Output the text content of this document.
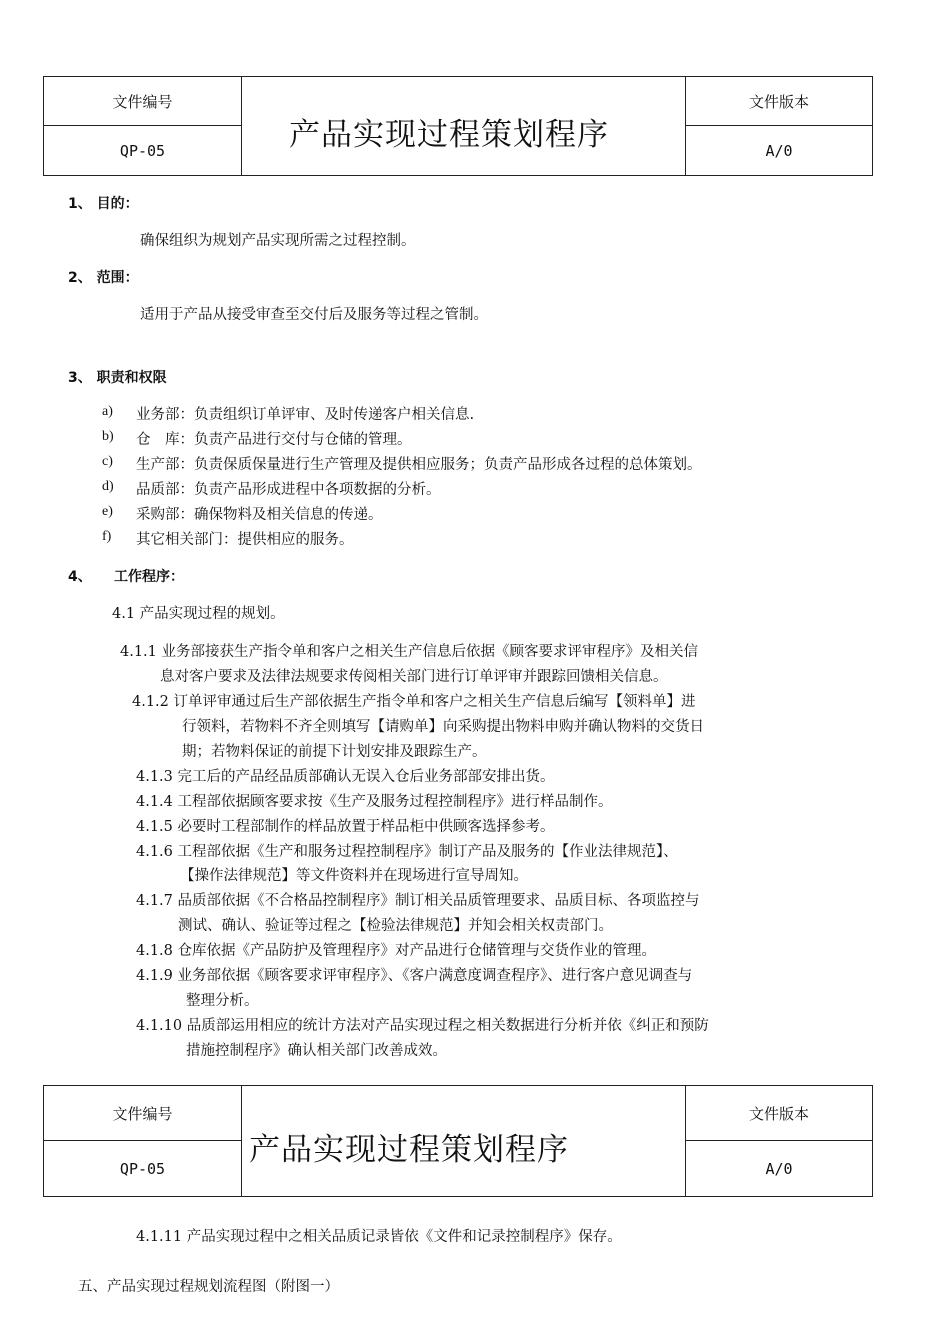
文件编号
QP-05	产品实现过程策划程序
文件版本
A/0
1、 目的：
确保组织为规划产品实现所需之过程控制。
2、 范围：
适用于产品从接受审查至交付后及服务等过程之管制。
3、 职责和权限
a) 业务部：负责组织订单评审、及时传递客户相关信息.
b) 仓　库：负责产品进行交付与仓储的管理。
c) 生产部：负责保质保量进行生产管理及提供相应服务；负责产品形成各过程的总体策划。
d) 品质部：负责产品形成进程中各项数据的分析。
e) 采购部：确保物料及相关信息的传递。
f) 其它相关部门：提供相应的服务。
4、 工作程序：
4.1 产品实现过程的规划。
4.1.1 业务部接获生产指令单和客户之相关生产信息后依据《顾客要求评审程序》及相关信
息对客户要求及法律法规要求传阅相关部门进行订单评审并跟踪回馈相关信息。
4.1.2 订单评审通过后生产部依据生产指令单和客户之相关生产信息后编写【领料单】进
行领料，若物料不齐全则填写【请购单】向采购提出物料申购并确认物料的交货日
期；若物料保证的前提下计划安排及跟踪生产。
4.1.3 完工后的产品经品质部确认无误入仓后业务部部安排出货。
4.1.4 工程部依据顾客要求按《生产及服务过程控制程序》进行样品制作。
4.1.5 必要时工程部制作的样品放置于样品柜中供顾客选择参考。
4.1.6 工程部依据《生产和服务过程控制程序》制订产品及服务的【作业法律规范】、
【操作法律规范】等文件资料并在现场进行宣导周知。
4.1.7 品质部依据《不合格品控制程序》制订相关品质管理要求、品质目标、各项监控与
测试、确认、验证等过程之【检验法律规范】并知会相关权责部门。
4.1.8 仓库依据《产品防护及管理程序》对产品进行仓储管理与交货作业的管理。
4.1.9 业务部依据《顾客要求评审程序》、《客户满意度调查程序》、进行客户意见调查与
整理分析。
4.1.10 品质部运用相应的统计方法对产品实现过程之相关数据进行分析并依《纠正和预防
措施控制程序》确认相关部门改善成效。
文件编号
QP-05
产品实现过程策划程序
文件版本
A/0
4.1.11 产品实现过程中之相关品质记录皆依《文件和记录控制程序》保存。
五、产品实现过程规划流程图（附图一）
